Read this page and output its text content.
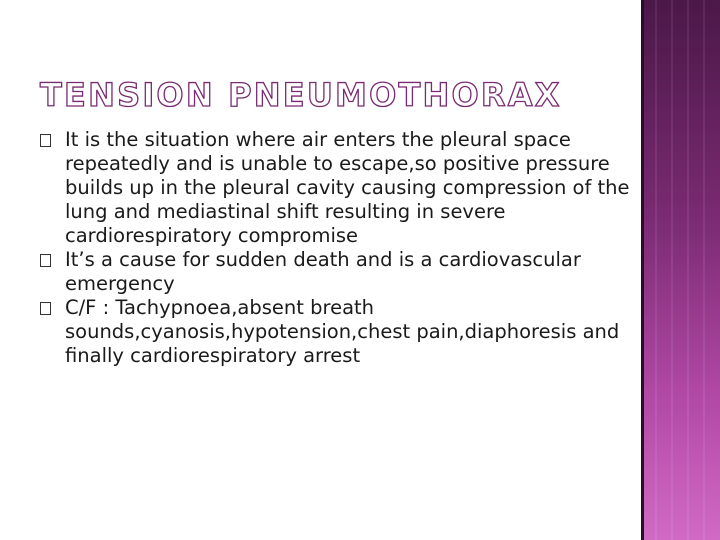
TENSION PNEUMOTHORAX
It is the situation where air enters the pleural space repeatedly and is unable to escape,so positive pressure builds up in the pleural cavity causing compression of the lung and mediastinal shift resulting in severe cardiorespiratory compromise
It’s a cause for sudden death and is a cardiovascular emergency
C/F : Tachypnoea,absent breath sounds,cyanosis,hypotension,chest pain,diaphoresis and finally cardiorespiratory arrest
